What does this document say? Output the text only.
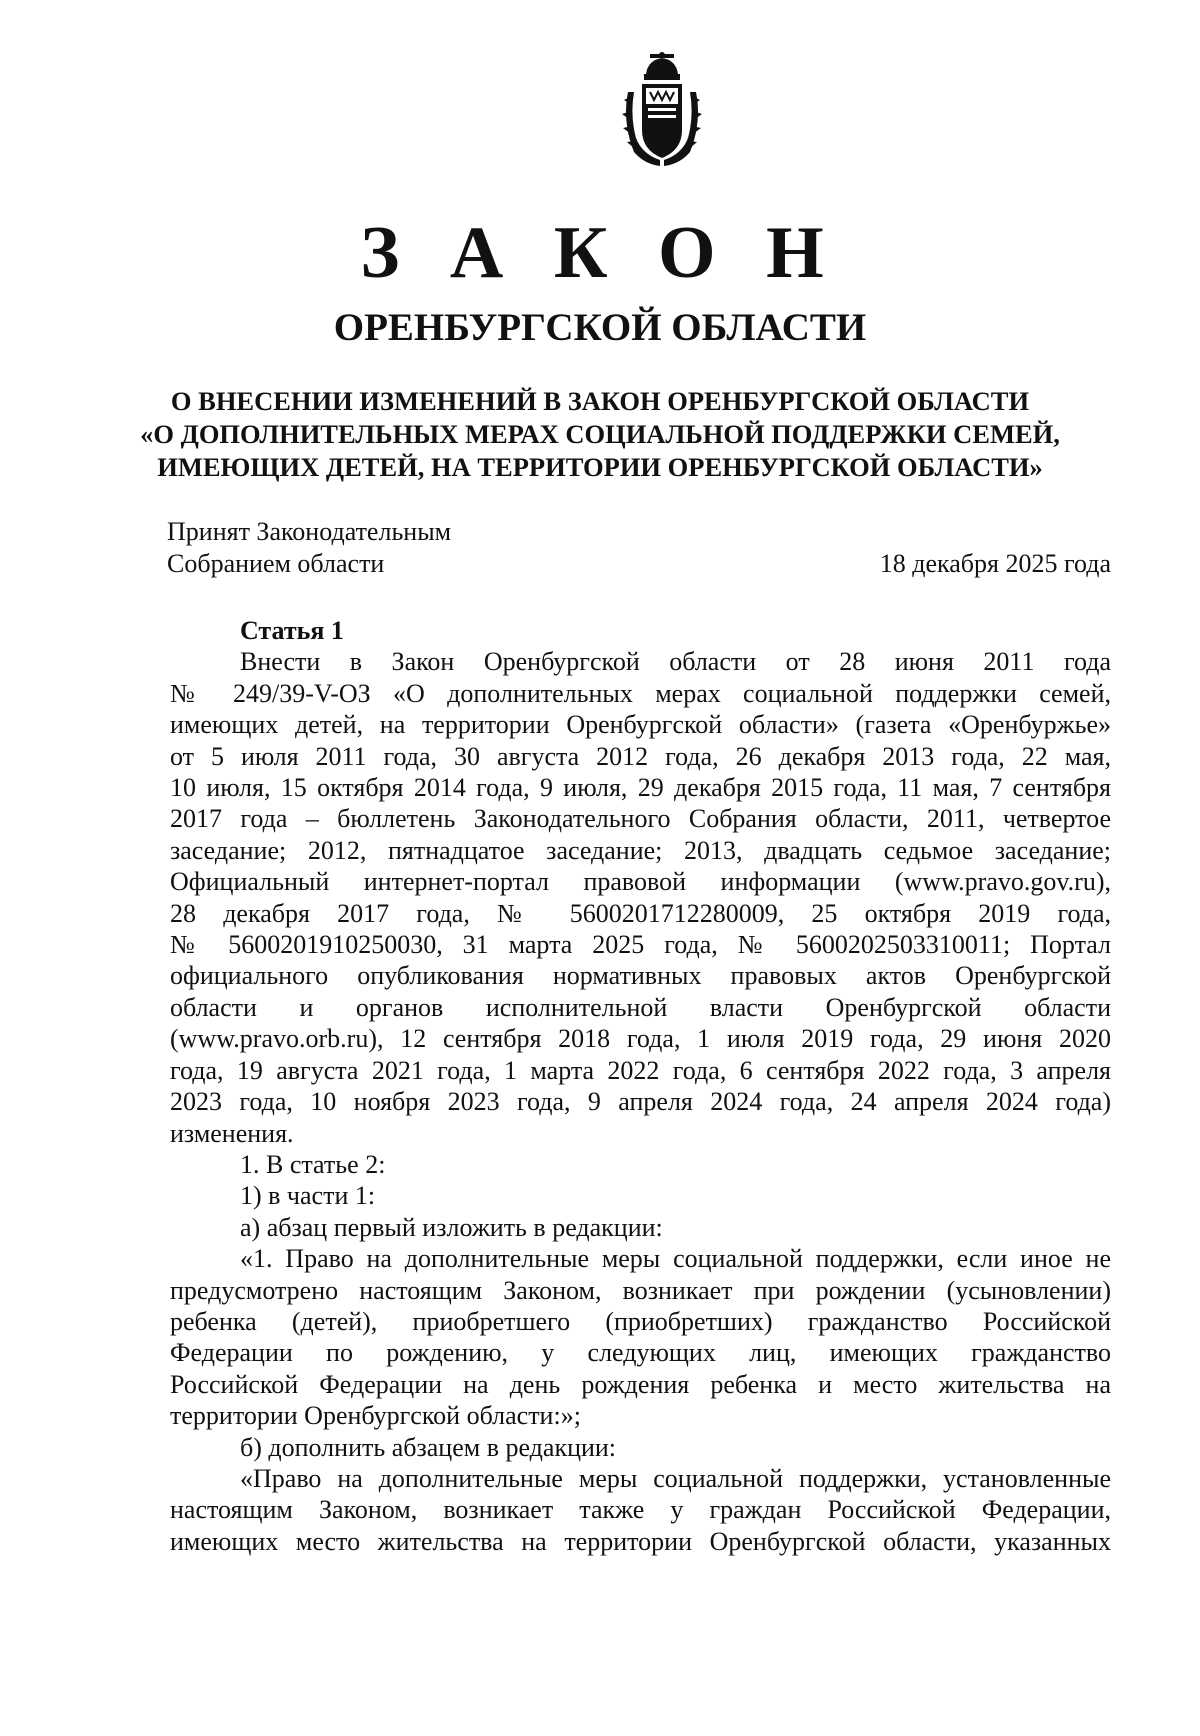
З А К О Н
ОРЕНБУРГСКОЙ ОБЛАСТИ
О ВНЕСЕНИИ ИЗМЕНЕНИЙ В ЗАКОН ОРЕНБУРГСКОЙ ОБЛАСТИ
«О ДОПОЛНИТЕЛЬНЫХ МЕРАХ СОЦИАЛЬНОЙ ПОДДЕРЖКИ СЕМЕЙ,
ИМЕЮЩИХ ДЕТЕЙ, НА ТЕРРИТОРИИ ОРЕНБУРГСКОЙ ОБЛАСТИ»
Принят Законодательным
Собранием области	18 декабря 2025 года
Статья 1
Внести в Закон Оренбургской области от 28 июня 2011 года
№ 249/39-V-ОЗ «О дополнительных мерах социальной поддержки семей,
имеющих детей, на территории Оренбургской области» (газета «Оренбуржье»
от 5 июля 2011 года, 30 августа 2012 года, 26 декабря 2013 года, 22 мая,
10 июля, 15 октября 2014 года, 9 июля, 29 декабря 2015 года, 11 мая, 7 сентября
2017 года – бюллетень Законодательного Собрания области, 2011, четвертое
заседание; 2012, пятнадцатое заседание; 2013, двадцать седьмое заседание;
Официальный интернет-портал правовой информации (www.pravo.gov.ru),
28 декабря 2017 года, № 5600201712280009, 25 октября 2019 года,
№ 5600201910250030, 31 марта 2025 года, № 5600202503310011; Портал
официального опубликования нормативных правовых актов Оренбургской
области и органов исполнительной власти Оренбургской области
(www.pravo.orb.ru), 12 сентября 2018 года, 1 июля 2019 года, 29 июня 2020
года, 19 августа 2021 года, 1 марта 2022 года, 6 сентября 2022 года, 3 апреля
2023 года, 10 ноября 2023 года, 9 апреля 2024 года, 24 апреля 2024 года)
изменения.
1. В статье 2:
1) в части 1:
а) абзац первый изложить в редакции:
«1. Право на дополнительные меры социальной поддержки, если иное не
предусмотрено настоящим Законом, возникает при рождении (усыновлении)
ребенка (детей), приобретшего (приобретших) гражданство Российской
Федерации по рождению, у следующих лиц, имеющих гражданство
Российской Федерации на день рождения ребенка и место жительства на
территории Оренбургской области:»;
б) дополнить абзацем в редакции:
«Право на дополнительные меры социальной поддержки, установленные
настоящим Законом, возникает также у граждан Российской Федерации,
имеющих место жительства на территории Оренбургской области, указанных
